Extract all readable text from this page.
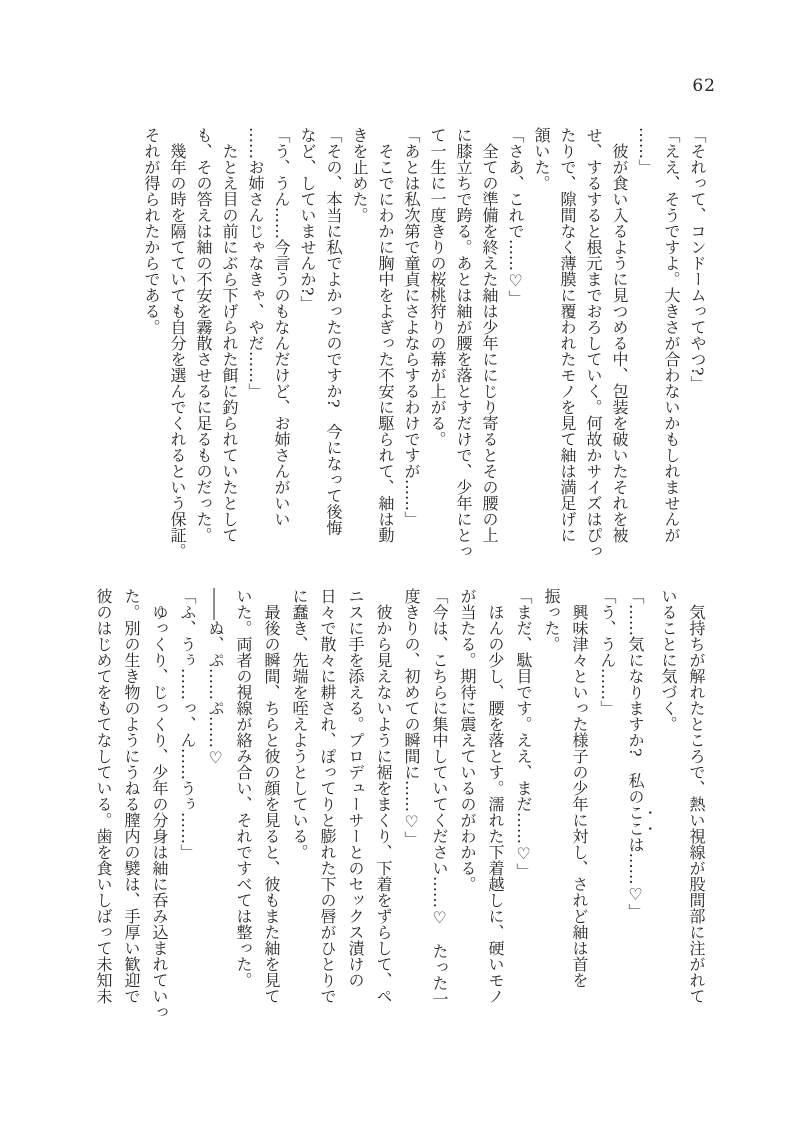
62
「それって、コンドームってやつ?」
「ええ、そうですよ。大きさが合わないかもしれませんが
……」
　彼が食い入るように見つめる中、包装を破いたそれを被
せ、するすると根元までおろしていく。何故かサイズはぴっ
たりで、隙間なく薄膜に覆われたモノを見て紬は満足げに
頷いた。
「さあ、これで……♡」
　全ての準備を終えた紬は少年ににじり寄るとその腰の上
に膝立ちで跨る。あとは紬が腰を落とすだけで、少年にとっ
て一生に一度きりの桜桃狩りの幕が上がる。
「あとは私次第で童貞にさよならするわけですが……」
　そこでにわかに胸中をよぎった不安に駆られて、紬は動
きを止めた。
「その、本当に私でよかったのですか?　今になって後悔
など、していませんか?」
「う、うん……今言うのもなんだけど、お姉さんがいい
……お姉さんじゃなきゃ、やだ……」
　たとえ目の前にぶら下げられた餌に釣られていたとして
も、その答えは紬の不安を霧散させるに足るものだった。
　幾年の時を隔てていても自分を選んでくれるという保証。
それが得られたからである。
　気持ちが解れたところで、熱い視線が股間部に注がれて
いることに気づく。
「……気になりますか?　私のここは……♡」
「う、うん……」
　興味津々といった様子の少年に対し、されど紬は首を
振った。
「まだ、駄目です。ええ、まだ……♡」
　ほんの少し、腰を落とす。濡れた下着越しに、硬いモノ
が当たる。期待に震えているのがわかる。
「今は、こちらに集中していてください……♡　たった一
度きりの、初めての瞬間に……♡」
　彼から見えないように裾をまくり、下着をずらして、ペ
ニスに手を添える。プロデューサーとのセックス漬けの
日々で散々に耕され、ぽってりと膨れた下の唇がひとりで
に蠢き、先端を咥えようとしている。
　最後の瞬間、ちらと彼の顔を見ると、彼もまた紬を見て
いた。両者の視線が絡み合い、それですべては整った。
――ぬ、ぷ……ぷ……♡
「ふ、うぅ……っ、ん……うぅ……」
　ゆっくり、じっくり、少年の分身は紬に呑み込まれていっ
た。別の生き物のようにうねる膣内の襞は、手厚い歓迎で
彼のはじめてをもてなしている。歯を食いしばって未知未
